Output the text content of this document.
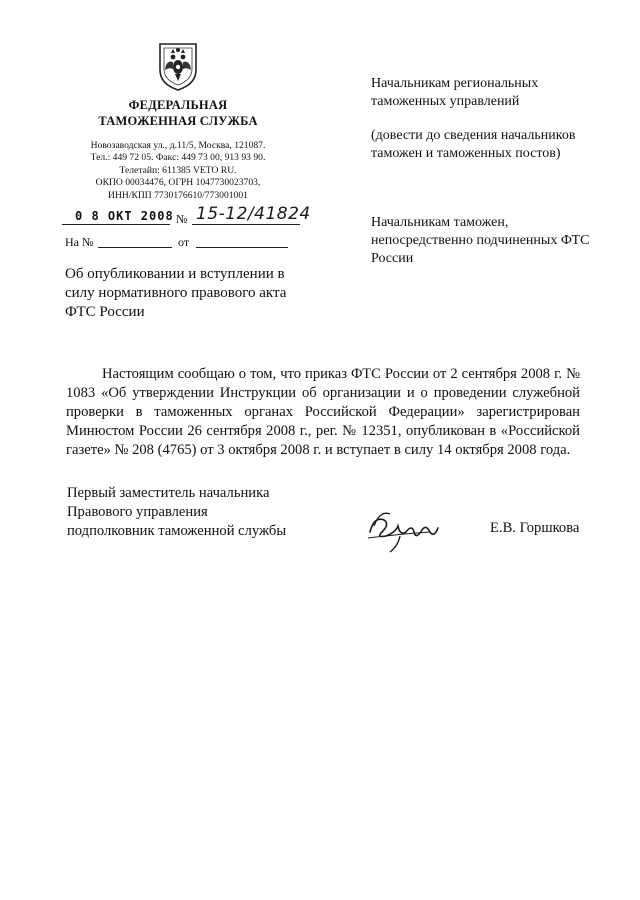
ФЕДЕРАЛЬНАЯ
ТАМОЖЕННАЯ СЛУЖБА
Новозаводская ул., д.11/5, Москва, 121087.
Тел.: 449 72 05. Факс: 449 73 00, 913 93 90.
Телетайп: 611385 VETO RU.
ОКПО 00034476, ОГРН 1047730023703,
ИНН/КПП 7730176610/773001001
0 8 ОКТ 2008 № 15-12/41824
На №	от
Об опубликовании и вступлении в силу нормативного правового акта ФТС России
Начальникам региональных таможенных управлений
(довести до сведения начальников таможен и таможенных постов)
Начальникам таможен, непосредственно подчиненных ФТС России
Настоящим сообщаю о том, что приказ ФТС России от 2 сентября 2008 г. № 1083 «Об утверждении Инструкции об организации и о проведении служебной проверки в таможенных органах Российской Федерации» зарегистрирован Минюстом России 26 сентября 2008 г., рег. № 12351, опубликован в «Российской газете» № 208 (4765) от 3 октября 2008 г. и вступает в силу 14 октября 2008 года.
Первый заместитель начальника
Правового управления
подполковник таможенной службы	Е.В. Горшкова
